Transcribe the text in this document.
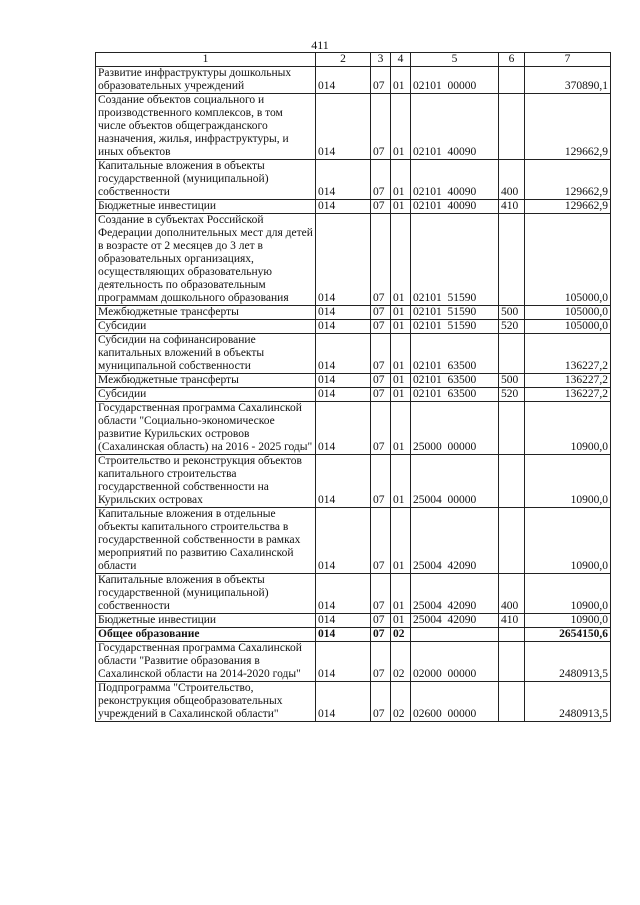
411
1	2	3	4	5	6	7
Развитие инфраструктуры дошкольных образовательных учреждений	014	07	01	02101  00000		370890,1
Создание объектов социального и производственного комплексов, в том числе объектов общегражданского назначения, жилья, инфраструктуры, и иных объектов	014	07	01	02101  40090		129662,9
Капитальные вложения в объекты государственной (муниципальной) собственности	014	07	01	02101  40090	400	129662,9
Бюджетные инвестиции	014	07	01	02101  40090	410	129662,9
Создание в субъектах Российской Федерации дополнительных мест для детей в возрасте от 2 месяцев до 3 лет в образовательных организациях, осуществляющих образовательную деятельность по образовательным программам дошкольного образования	014	07	01	02101  51590		105000,0
Межбюджетные трансферты	014	07	01	02101  51590	500	105000,0
Субсидии	014	07	01	02101  51590	520	105000,0
Субсидии на софинансирование капитальных вложений в объекты муниципальной собственности	014	07	01	02101  63500		136227,2
Межбюджетные трансферты	014	07	01	02101  63500	500	136227,2
Субсидии	014	07	01	02101  63500	520	136227,2
Государственная программа Сахалинской области "Социально-экономическое развитие Курильских островов (Сахалинская область) на 2016 - 2025 годы"	014	07	01	25000  00000		10900,0
Строительство и реконструкция объектов капитального строительства государственной собственности на Курильских островах	014	07	01	25004  00000		10900,0
Капитальные вложения в отдельные объекты капитального строительства в государственной собственности в рамках мероприятий по развитию Сахалинской области	014	07	01	25004  42090		10900,0
Капитальные вложения в объекты государственной (муниципальной) собственности	014	07	01	25004  42090	400	10900,0
Бюджетные инвестиции	014	07	01	25004  42090	410	10900,0
Общее образование	014	07	02			2654150,6
Государственная программа Сахалинской области "Развитие образования в Сахалинской области на 2014-2020 годы"	014	07	02	02000  00000		2480913,5
Подпрограмма "Строительство, реконструкция общеобразовательных учреждений в Сахалинской области"	014	07	02	02600  00000		2480913,5
